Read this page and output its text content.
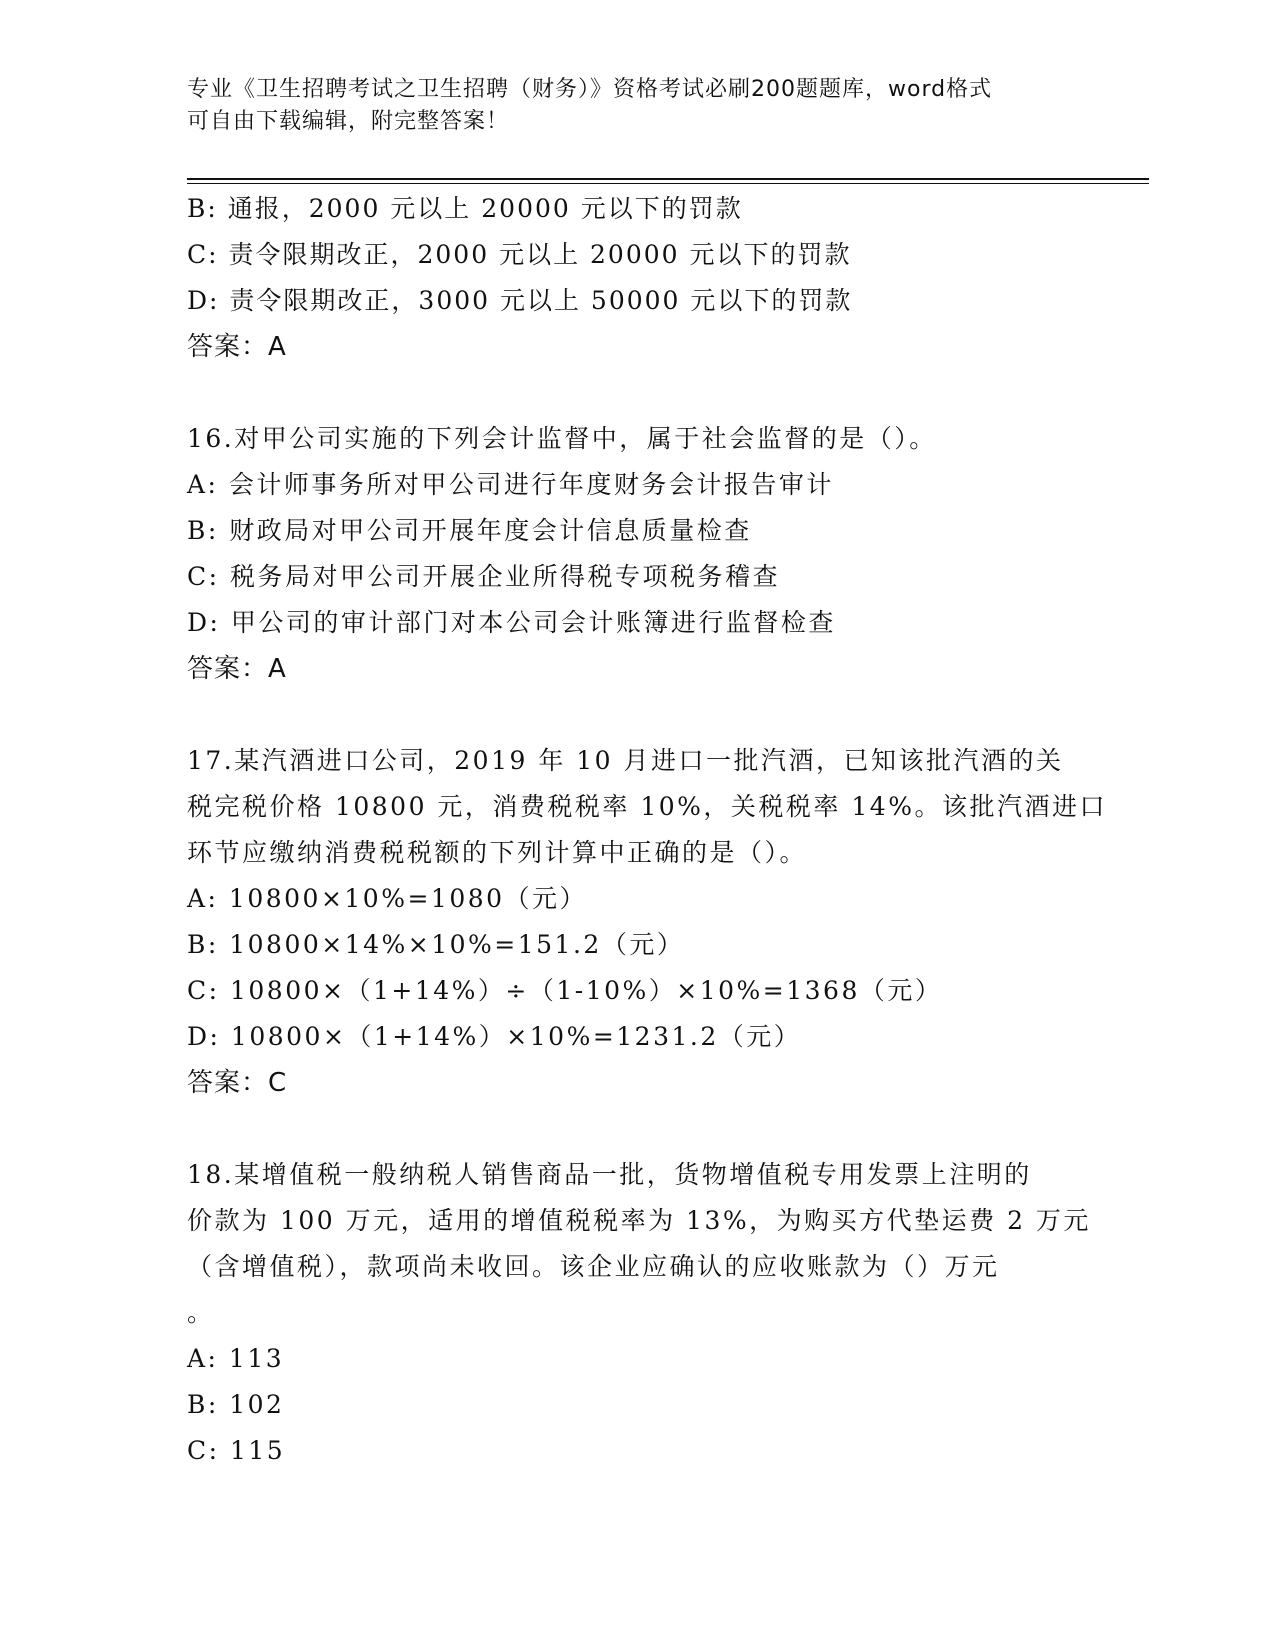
专业《卫生招聘考试之卫生招聘（财务）》资格考试必刷200题题库，word格式
可自由下载编辑，附完整答案！
B: 通报，2000 元以上 20000 元以下的罚款
C: 责令限期改正，2000 元以上 20000 元以下的罚款
D: 责令限期改正，3000 元以上 50000 元以下的罚款
答案：A
16.对甲公司实施的下列会计监督中，属于社会监督的是（）。
A: 会计师事务所对甲公司进行年度财务会计报告审计
B: 财政局对甲公司开展年度会计信息质量检查
C: 税务局对甲公司开展企业所得税专项税务稽查
D: 甲公司的审计部门对本公司会计账簿进行监督检查
答案：A
17.某汽酒进口公司，2019 年 10 月进口一批汽酒，已知该批汽酒的关
税完税价格 10800 元，消费税税率 10%，关税税率 14%。该批汽酒进口
环节应缴纳消费税税额的下列计算中正确的是（）。
A: 10800×10%=1080（元）
B: 10800×14%×10%=151.2（元）
C: 10800×（1+14%）÷（1-10%）×10%=1368（元）
D: 10800×（1+14%）×10%=1231.2（元）
答案：C
18.某增值税一般纳税人销售商品一批，货物增值税专用发票上注明的
价款为 100 万元，适用的增值税税率为 13%，为购买方代垫运费 2 万元
（含增值税），款项尚未收回。该企业应确认的应收账款为（）万元
。
A: 113
B: 102
C: 115
